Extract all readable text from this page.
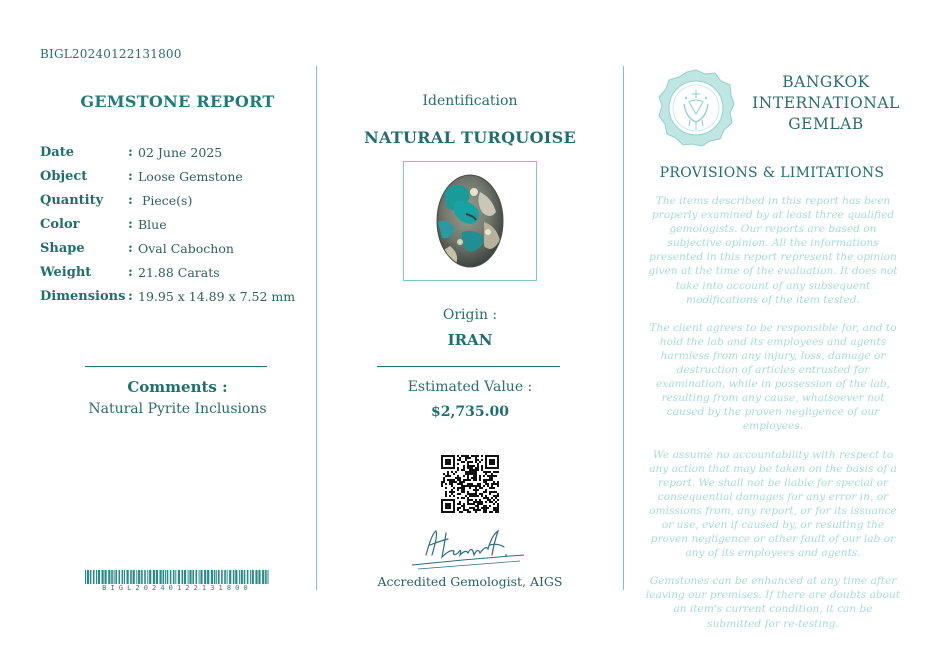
BIGL20240122131800
GEMSTONE REPORT
Date	: 02 June 2025
Object	: Loose Gemstone
Quantity	: Piece(s)
Color	: Blue
Shape	: Oval Cabochon
Weight	: 21.88 Carats
Dimensions : 19.95 x 14.89 x 7.52 mm
Comments :
Natural Pyrite Inclusions
BIGL20240122131800
Identification
NATURAL TURQUOISE
Origin :
IRAN
Estimated Value :
$2,735.00
Accredited Gemologist, AIGS
BANGKOK
INTERNATIONAL
GEMLAB
PROVISIONS & LIMITATIONS

The items described in this report has been properly examined by at least three qualified gemologists. Our reports are based on subjective opinion. All the informations presented in this report represent the opinion given at the time of the evaluation. It does not take into account of any subsequent modifications of the item tested.

The client agrees to be responsible for, and to hold the lab and its employees and agents harmless from any injury, loss, damage or destruction of articles entrusted for examination, while in possession of the lab, resulting from any cause, whatsoever not caused by the proven negligence of our employees.

We assume no accountability with respect to any action that may be taken on the basis of a report. We shall not be liable for special or consequential damages for any error in, or omissions from, any report, or for its issuance or use, even if caused by, or resulting the proven negligence or other fault of our lab or any of its employees and agents.

Gemstones can be enhanced at any time after leaving our premises. If there are doubts about an item's current condition, it can be submitted for re-testing.
